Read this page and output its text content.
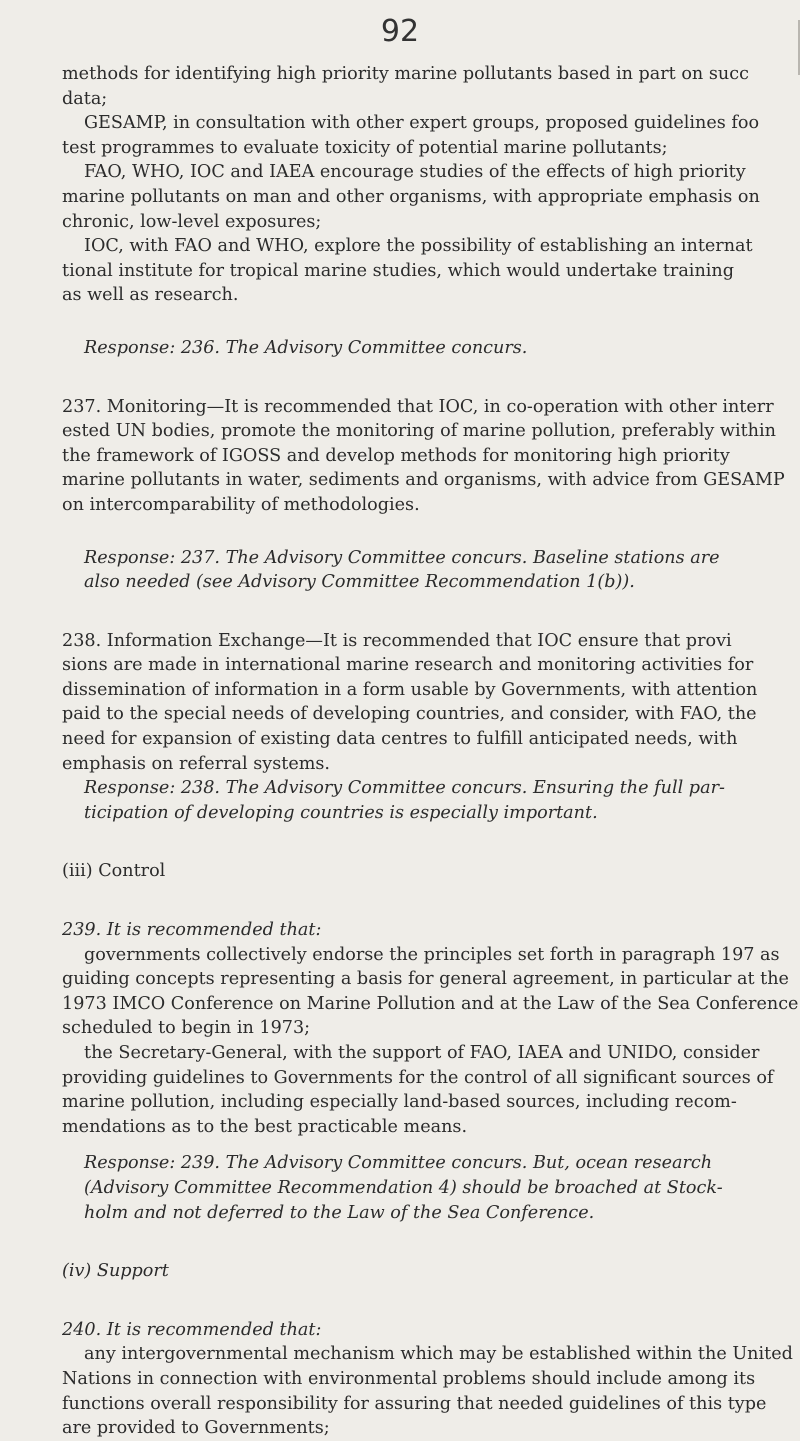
92
methods for identifying high priority marine pollutants based in part on succ
data;
GESAMP, in consultation with other expert groups, proposed guidelines foo
test programmes to evaluate toxicity of potential marine pollutants;
FAO, WHO, IOC and IAEA encourage studies of the effects of high priority
marine pollutants on man and other organisms, with appropriate emphasis on
chronic, low-level exposures;
IOC, with FAO and WHO, explore the possibility of establishing an internat
tional institute for tropical marine studies, which would undertake training
as well as research.
Response: 236. The Advisory Committee concurs.
237. Monitoring—It is recommended that IOC, in co-operation with other interr
ested UN bodies, promote the monitoring of marine pollution, preferably within
the framework of IGOSS and develop methods for monitoring high priority
marine pollutants in water, sediments and organisms, with advice from GESAMP
on intercomparability of methodologies.
Response: 237. The Advisory Committee concurs. Baseline stations are
also needed (see Advisory Committee Recommendation 1(b)).
238. Information Exchange—It is recommended that IOC ensure that provi
sions are made in international marine research and monitoring activities for
dissemination of information in a form usable by Governments, with attention
paid to the special needs of developing countries, and consider, with FAO, the
need for expansion of existing data centres to fulfill anticipated needs, with
emphasis on referral systems.
Response: 238. The Advisory Committee concurs. Ensuring the full par-
ticipation of developing countries is especially important.
(iii) Control
239. It is recommended that:
governments collectively endorse the principles set forth in paragraph 197 as
guiding concepts representing a basis for general agreement, in particular at the
1973 IMCO Conference on Marine Pollution and at the Law of the Sea Conference
scheduled to begin in 1973;
the Secretary-General, with the support of FAO, IAEA and UNIDO, consider
providing guidelines to Governments for the control of all significant sources of
marine pollution, including especially land-based sources, including recom-
mendations as to the best practicable means.
Response: 239. The Advisory Committee concurs. But, ocean research
(Advisory Committee Recommendation 4) should be broached at Stock-
holm and not deferred to the Law of the Sea Conference.
(iv) Support
240. It is recommended that:
any intergovernmental mechanism which may be established within the United
Nations in connection with environmental problems should include among its
functions overall responsibility for assuring that needed guidelines of this type
are provided to Governments;
